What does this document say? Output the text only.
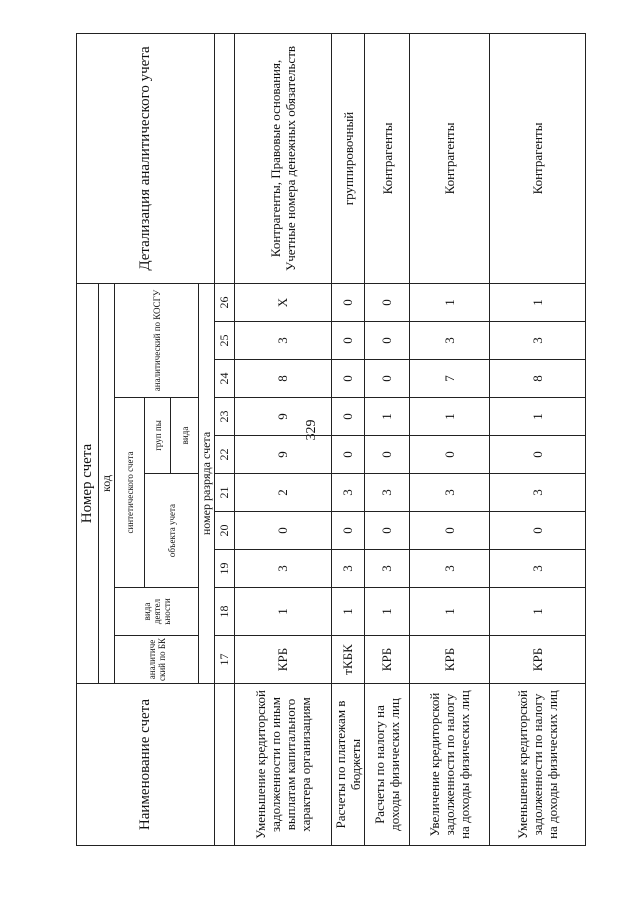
329
Наименование счета	Номер счета										Детализация аналитического учета
	код										
	аналитиче ский по БК	вида деятел ьности	синтетического счета					аналитический по КОСГУ			
			объекта учета			груп пы					
						вида					
	номер разряда счета										
	17	18	19	20	21	22	23	24	25	26	
Уменьшение кредиторской задолженности по иным выплатам капитального характера организациям	КРБ	1	3	0	2	9	9	8	3	X	Контрагенты, Правовые основания, Учетные номера денежных обязательств
Расчеты по платежам в бюджеты	тКБК	1	3	0	3	0	0	0	0	0	группировочный
Расчеты по налогу на доходы физических лиц	КРБ	1	3	0	3	0	1	0	0	0	Контрагенты
Увеличение кредиторской задолженности по налогу на доходы физических лиц	КРБ	1	3	0	3	0	1	7	3	1	Контрагенты
Уменьшение кредиторской задолженности по налогу на доходы физических лиц	КРБ	1	3	0	3	0	1	8	3	1	Контрагенты
